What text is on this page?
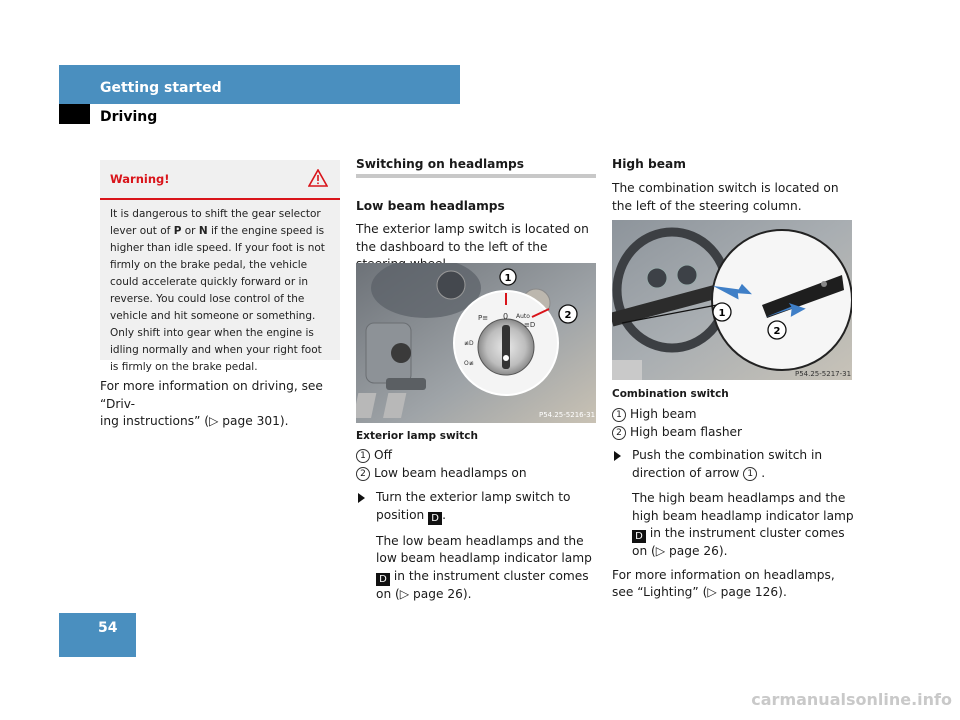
Getting started
Driving
Warning!
It is dangerous to shift the gear selector lever out of P or N if the engine speed is higher than idle speed. If your foot is not firmly on the brake pedal, the vehicle could accelerate quickly forward or in reverse. You could lose control of the vehicle and hit someone or something. Only shift into gear when the engine is idling normally and when your right foot is firmly on the brake pedal.

For more information on driving, see “Driv-

ing instructions” (▷ page 301).

Switching on headlamps
Low beam headlamps
The exterior lamp switch is located on the dashboard to the left of the
P≡ 0 Auto
≡D
≢D
O≢
1
2
P54.25-5216-31
Exterior lamp switch

1 Off

2 Low beam headlamps on

Turn the exterior lamp switch to position D .
The low beam headlamps and the low beam headlamp indicator lamp D in the instrument cluster comes on (▷ page 26).
High beam
The combination switch is located on the left of the steering column.
1
2
P54.25-5217-31
Combination switch

1 High beam

2 High beam flasher

Push the combination switch in direction of arrow 1 .
The high beam headlamps and the high beam headlamp indicator lamp D in the instrument cluster comes on (▷ page 26).

For more information on headlamps, see “Lighting” (▷ page 126).

54
carmanualsonline.info
